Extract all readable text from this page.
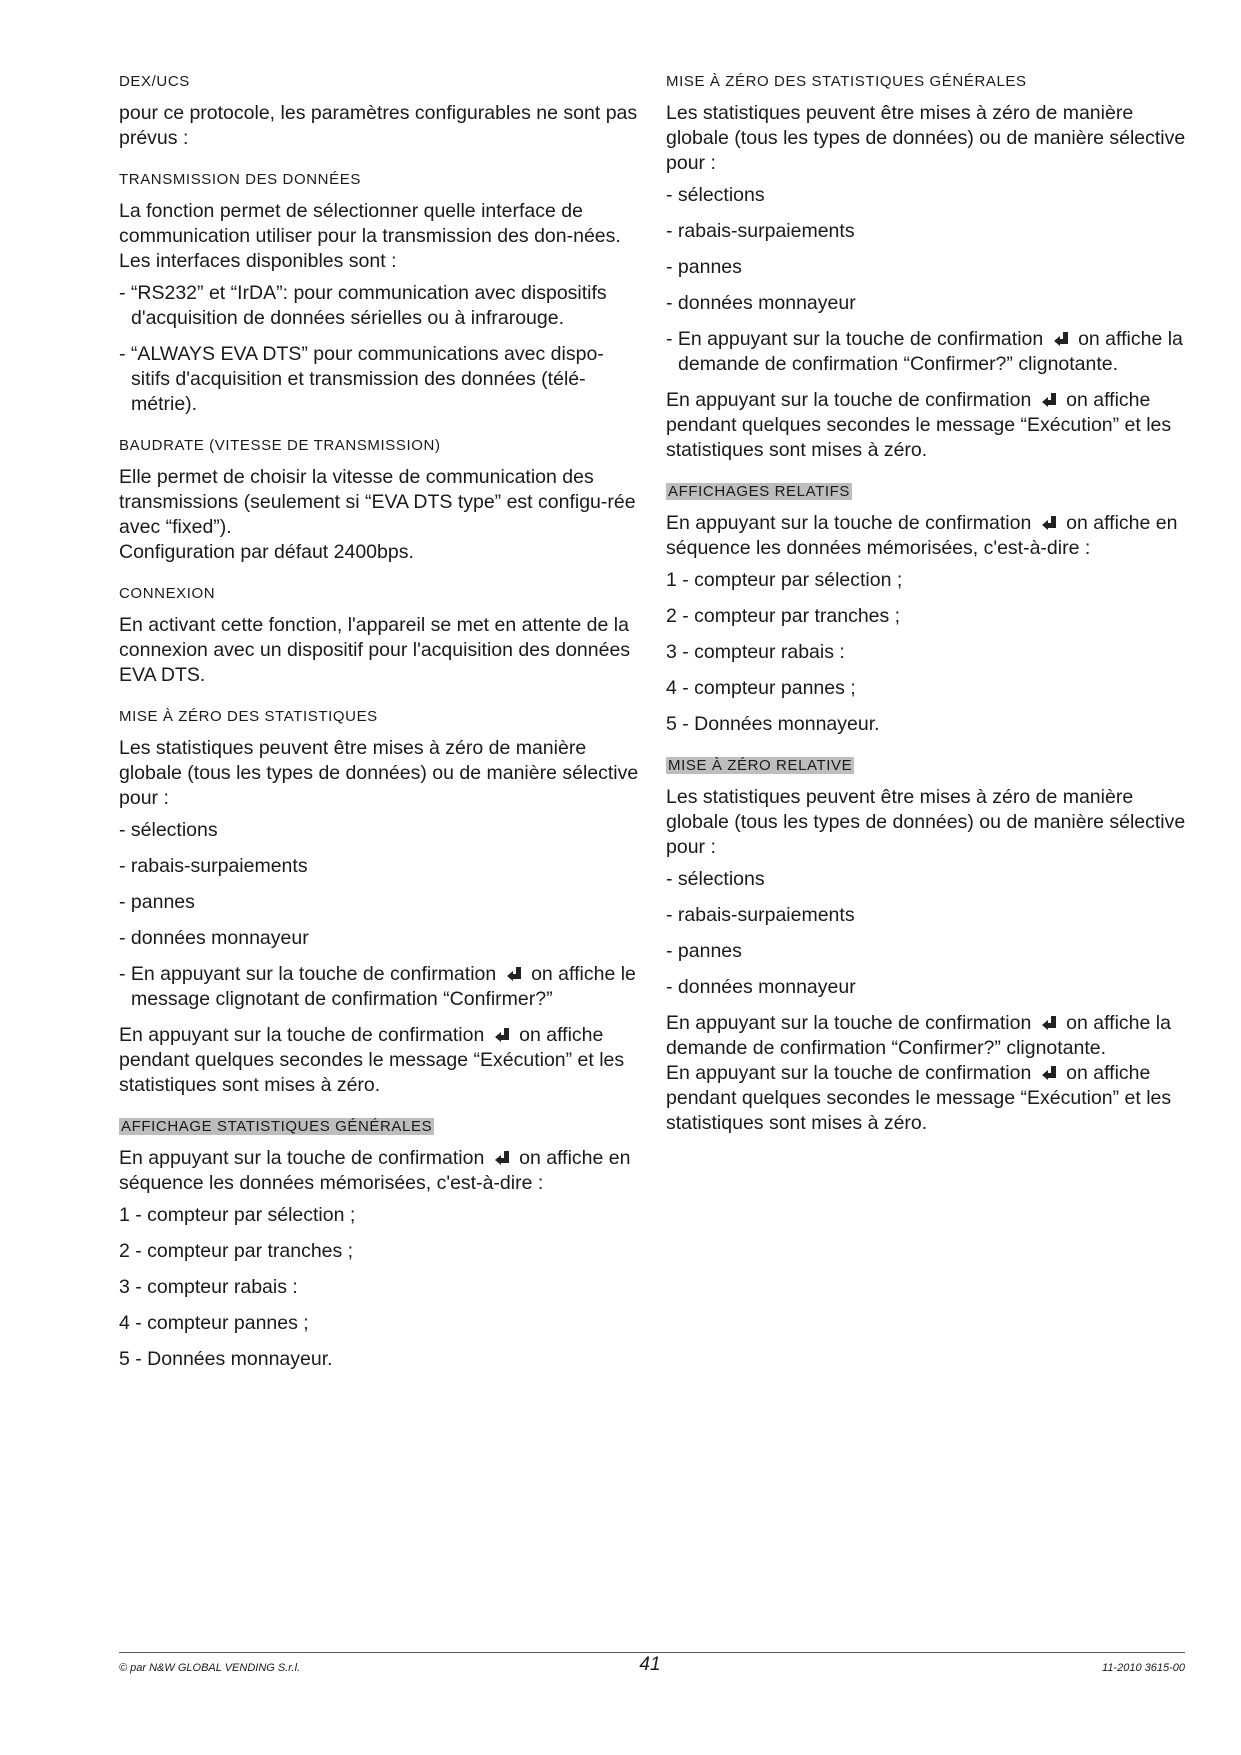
DEX/UCS
pour ce protocole, les paramètres configurables ne sont pas prévus :
TRANSMISSION DES DONNÉES
La fonction permet de sélectionner quelle interface de communication utiliser pour la transmission des don-nées. Les interfaces disponibles sont :
- “RS232” et “IrDA”: pour communication avec dispositifs d'acquisition de données sérielles ou à infrarouge.
- “ALWAYS EVA DTS” pour communications avec dispo-sitifs d'acquisition et transmission des données (télé-métrie).
BAUDRATE (VITESSE DE TRANSMISSION)
Elle permet de choisir la vitesse de communication des transmissions (seulement si “EVA DTS type” est configu-rée avec “fixed”).
Configuration par défaut 2400bps.
CONNEXION
En activant cette fonction, l'appareil se met en attente de la connexion avec un dispositif pour l'acquisition des données EVA DTS.
MISE À ZÉRO DES STATISTIQUES
Les statistiques peuvent être mises à zéro de manière globale (tous les types de données) ou de manière sélective pour :
- sélections
- rabais-surpaiements
- pannes
- données monnayeur
- En appuyant sur la touche de confirmation on affiche le message clignotant de confirmation “Confirmer?”
En appuyant sur la touche de confirmation on affiche pendant quelques secondes le message “Exécution” et les statistiques sont mises à zéro.
AFFICHAGE STATISTIQUES GÉNÉRALES
En appuyant sur la touche de confirmation on affiche en séquence les données mémorisées, c'est-à-dire :
1 - compteur par sélection ;
2 - compteur par tranches ;
3 - compteur rabais :
4 - compteur pannes ;
5 - Données monnayeur.
MISE À ZÉRO DES STATISTIQUES GÉNÉRALES
Les statistiques peuvent être mises à zéro de manière globale (tous les types de données) ou de manière sélective pour :
- sélections
- rabais-surpaiements
- pannes
- données monnayeur
- En appuyant sur la touche de confirmation on affiche la demande de confirmation “Confirmer?” clignotante.
En appuyant sur la touche de confirmation on affiche pendant quelques secondes le message “Exécution” et les statistiques sont mises à zéro.
AFFICHAGES RELATIFS
En appuyant sur la touche de confirmation on affiche en séquence les données mémorisées, c'est-à-dire :
1 - compteur par sélection ;
2 - compteur par tranches ;
3 - compteur rabais :
4 - compteur pannes ;
5 - Données monnayeur.
MISE À ZÉRO RELATIVE
Les statistiques peuvent être mises à zéro de manière globale (tous les types de données) ou de manière sélective pour :
- sélections
- rabais-surpaiements
- pannes
- données monnayeur
En appuyant sur la touche de confirmation on affiche la demande de confirmation “Confirmer?” clignotante.
En appuyant sur la touche de confirmation on affiche pendant quelques secondes le message “Exécution” et les statistiques sont mises à zéro.
© par N&W GLOBAL VENDING S.r.l.	41	11-2010 3615-00
